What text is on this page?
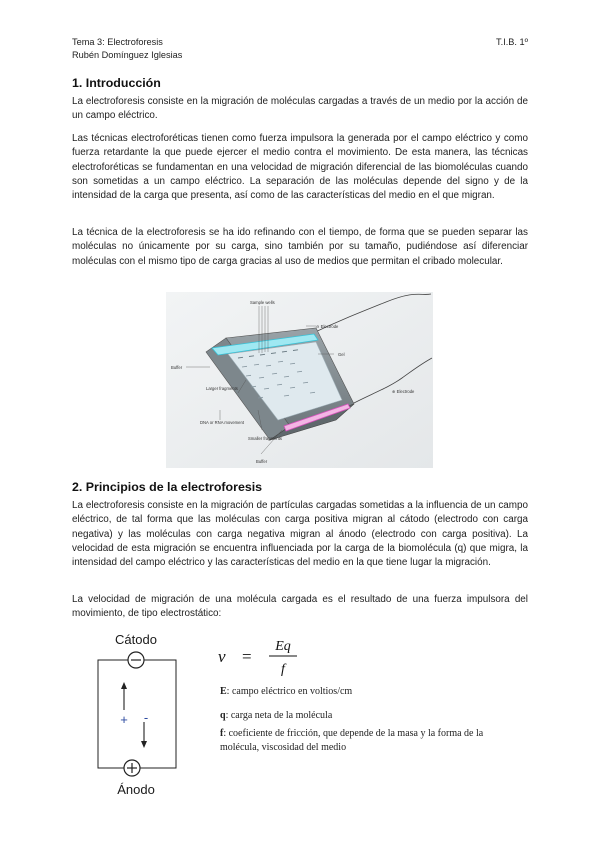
Tema 3: Electroforesis
Rubén Domínguez Iglesias
T.I.B. 1º
1. Introducción

La electroforesis consiste en la migración de moléculas cargadas a través de un medio por la acción de un campo eléctrico.

Las técnicas electroforéticas tienen como fuerza impulsora la generada por el campo eléctrico y como fuerza retardante la que puede ejercer el medio contra el movimiento. De esta manera, las técnicas electroforéticas se fundamentan en una velocidad de migración diferencial de las biomoléculas cuando son sometidas a un campo eléctrico. La separación de las moléculas depende del signo y de la intensidad de la carga que presenta, así como de las características del medio en el que migran.

La técnica de la electroforesis se ha ido refinando con el tiempo, de forma que se pueden separar las moléculas no únicamente por su carga, sino también por su tamaño, pudiéndose así diferenciar moléculas con el mismo tipo de carga gracias al uso de medios que permitan el cribado molecular.

Sample wells
⊖ Electrode
Gel
Buffer
Larger fragments
⊕ Electrode
DNA or RNA movement
Smaller fragments
Buffer
2. Principios de la electroforesis

La electroforesis consiste en la migración de partículas cargadas sometidas a la influencia de un campo eléctrico, de tal forma que las moléculas con carga positiva migran al cátodo (electrodo con carga negativa) y las moléculas con carga negativa migran al ánodo (electrodo con carga positiva). La velocidad de esta migración se encuentra influenciada por la carga de la biomolécula (q) que migra, la intensidad del campo eléctrico y las características del medio en la que tiene lugar la migración.

La velocidad de migración de una molécula cargada es el resultado de una fuerza impulsora del movimiento, de tipo electrostático:

Cátodo
Ánodo
+ -
v =
Eq
f
E: campo eléctrico en voltios/cm
q: carga neta de la molécula
f: coeficiente de fricción, que depende de la masa y la forma de la
molécula, viscosidad del medio
